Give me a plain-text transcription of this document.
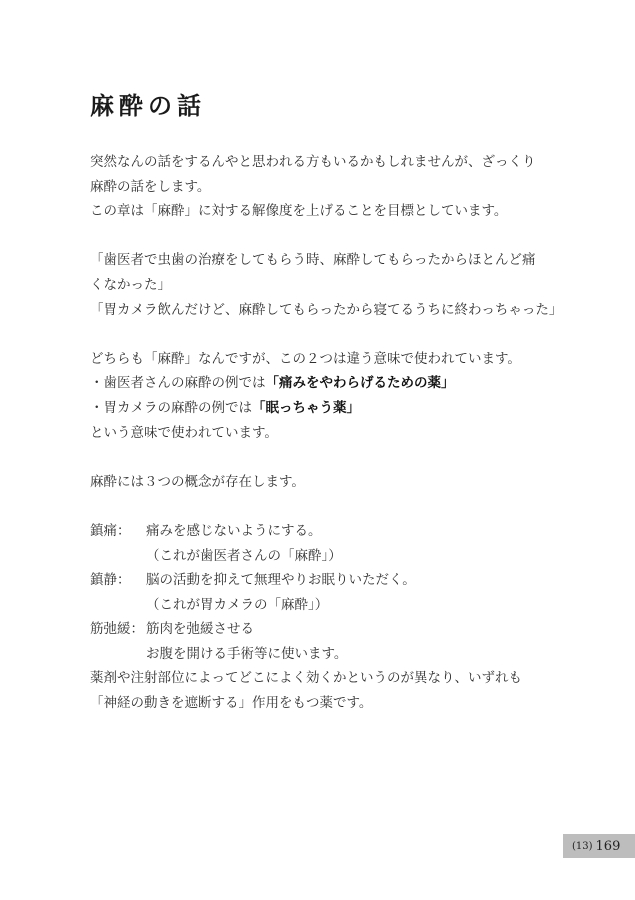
麻酔の話
突然なんの話をするんやと思われる方もいるかもしれませんが、ざっくり
麻酔の話をします。
この章は「麻酔」に対する解像度を上げることを目標としています。
「歯医者で虫歯の治療をしてもらう時、麻酔してもらったからほとんど痛
くなかった」
「胃カメラ飲んだけど、麻酔してもらったから寝てるうちに終わっちゃった」
どちらも「麻酔」なんですが、この２つは違う意味で使われています。
・歯医者さんの麻酔の例では「痛みをやわらげるための薬」
・胃カメラの麻酔の例では「眠っちゃう薬」
という意味で使われています。
麻酔には３つの概念が存在します。
鎮痛： 痛みを感じないようにする。
（これが歯医者さんの「麻酔」）
鎮静： 脳の活動を抑えて無理やりお眠りいただく。
（これが胃カメラの「麻酔」）
筋弛緩： 筋肉を弛緩させる
お腹を開ける手術等に使います。
薬剤や注射部位によってどこによく効くかというのが異なり、いずれも
「神経の動きを遮断する」作用をもつ薬です。
(13) 169
